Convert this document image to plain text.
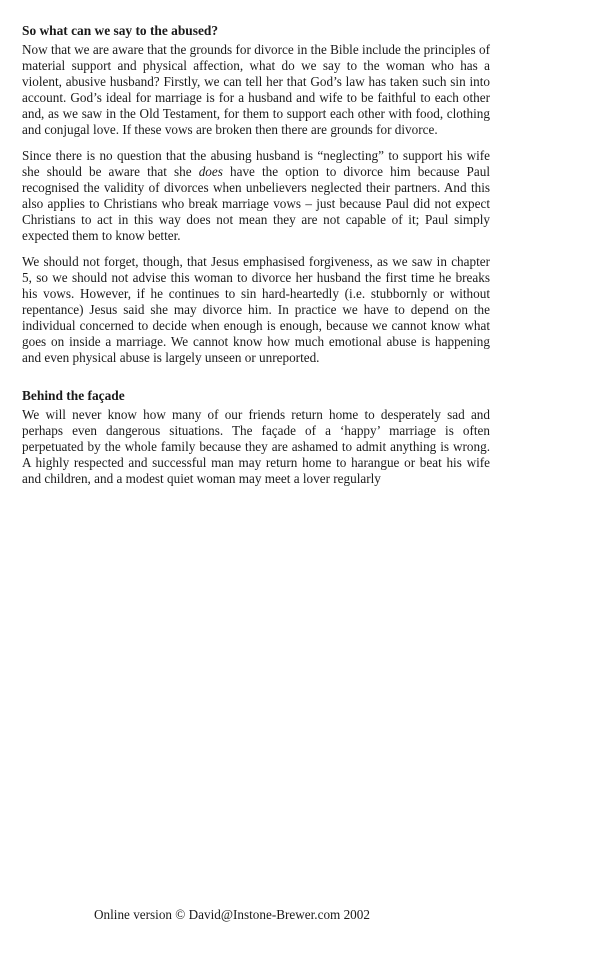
So what can we say to the abused?

Now that we are aware that the grounds for divorce in the Bible include the principles of material support and physical affection, what do we say to the woman who has a violent, abusive husband? Firstly, we can tell her that God’s law has taken such sin into account. God’s ideal for marriage is for a husband and wife to be faithful to each other and, as we saw in the Old Testament, for them to support each other with food, clothing and conjugal love. If these vows are broken then there are grounds for divorce.

Since there is no question that the abusing husband is “neglecting” to support his wife she should be aware that she does have the option to divorce him because Paul recognised the validity of divorces when unbelievers neglected their partners. And this also applies to Christians who break marriage vows – just because Paul did not expect Christians to act in this way does not mean they are not capable of it; Paul simply expected them to know better.

We should not forget, though, that Jesus emphasised forgiveness, as we saw in chapter 5, so we should not advise this woman to divorce her husband the first time he breaks his vows. However, if he continues to sin hard-heartedly (i.e. stubbornly or without repentance) Jesus said she may divorce him. In practice we have to depend on the individual concerned to decide when enough is enough, because we cannot know what goes on inside a marriage. We cannot know how much emotional abuse is happening and even physical abuse is largely unseen or unreported.

Behind the façade

We will never know how many of our friends return home to desperately sad and perhaps even dangerous situations. The façade of a ‘happy’ marriage is often perpetuated by the whole family because they are ashamed to admit anything is wrong. A highly respected and successful man may return home to harangue or beat his wife and children, and a modest quiet woman may meet a lover regularly

Online version © David@Instone-Brewer.com 2002
